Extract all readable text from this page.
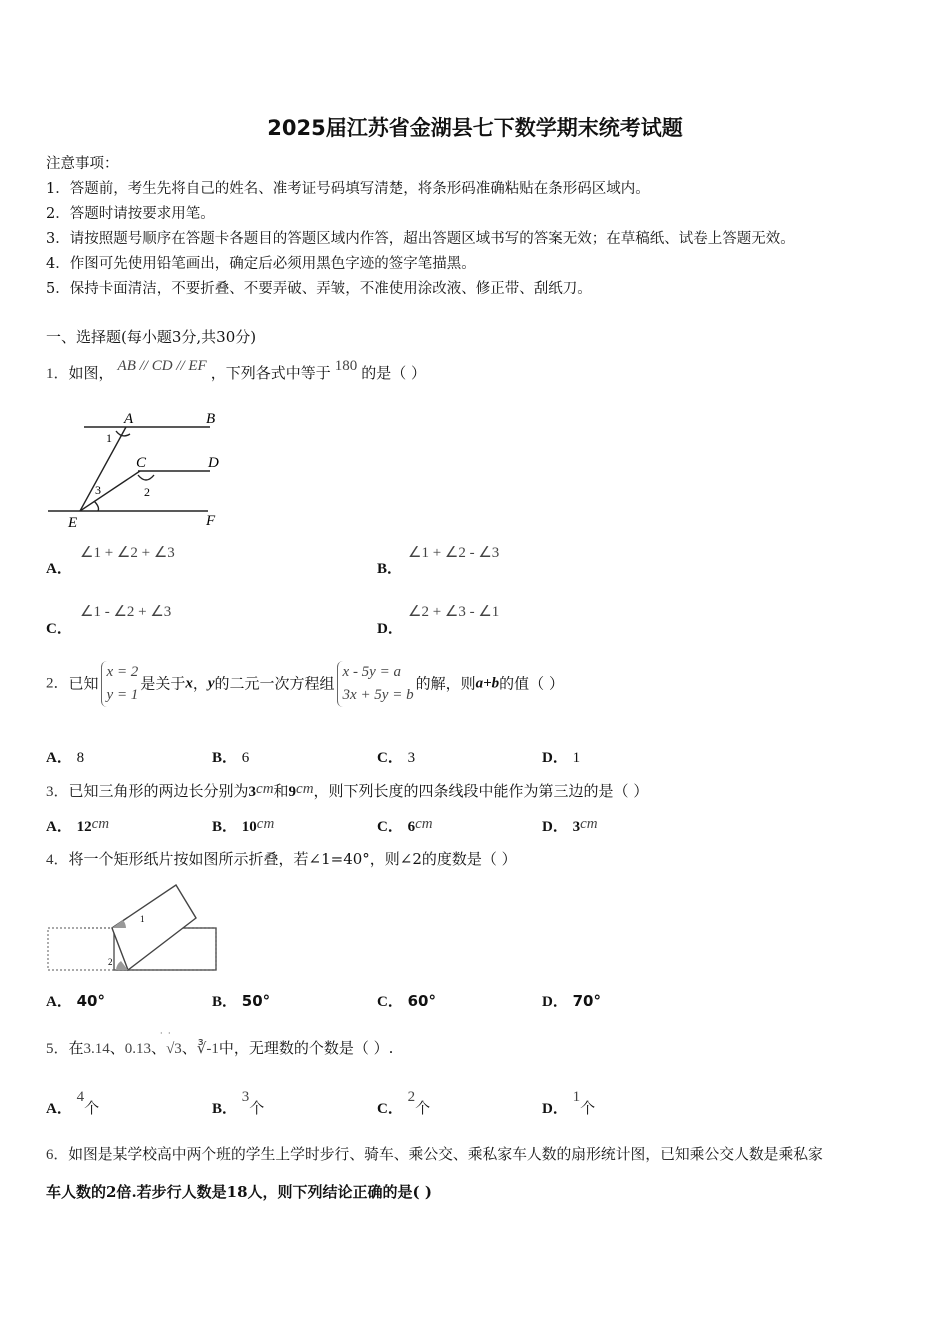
2025届江苏省金湖县七下数学期末统考试题
注意事项：
1．答题前，考生先将自己的姓名、准考证号码填写清楚，将条形码准确粘贴在条形码区域内。
2．答题时请按要求用笔。
3．请按照题号顺序在答题卡各题目的答题区域内作答，超出答题区域书写的答案无效；在草稿纸、试卷上答题无效。
4．作图可先使用铅笔画出，确定后必须用黑色字迹的签字笔描黑。
5．保持卡面清洁，不要折叠、不要弄破、弄皱，不准使用涂改液、修正带、刮纸刀。
一、选择题(每小题3分,共30分)
1．如图， AB // CD // EF ，下列各式中等于 180 的是（ ）
A	B
C	D
E	F
1
2
3
A．
∠1 + ∠2 + ∠3
B．
∠1 + ∠2 - ∠3
C．
∠1 - ∠2 + ∠3
D．
∠2 + ∠3 - ∠1
2．已知x = 2
y = 1是关于x，y的二元一次方程组x - 5y = a
3x + 5y = b的解，则a+b的值（ ）
A． 8	B． 6	C． 3	D． 1
3．已知三角形的两边长分别为3cm和9cm，则下列长度的四条线段中能作为第三边的是（ ）
A． 12cm	B． 10cm	C． 6cm	D． 3cm
4．将一个矩形纸片按如图所示折叠，若∠1=40°，则∠2的度数是（ ）
1
2
A． 40°	B． 50°	C． 60°	D． 70°
5．在3.14、0.13、√3、∛-1中，无理数的个数是（ ）.
· ·
A． 4个	B． 3个	C． 2个	D． 1个
6．如图是某学校高中两个班的学生上学时步行、骑车、乘公交、乘私家车人数的扇形统计图，已知乘公交人数是乘私家
车人数的2倍.若步行人数是18人，则下列结论正确的是( )
